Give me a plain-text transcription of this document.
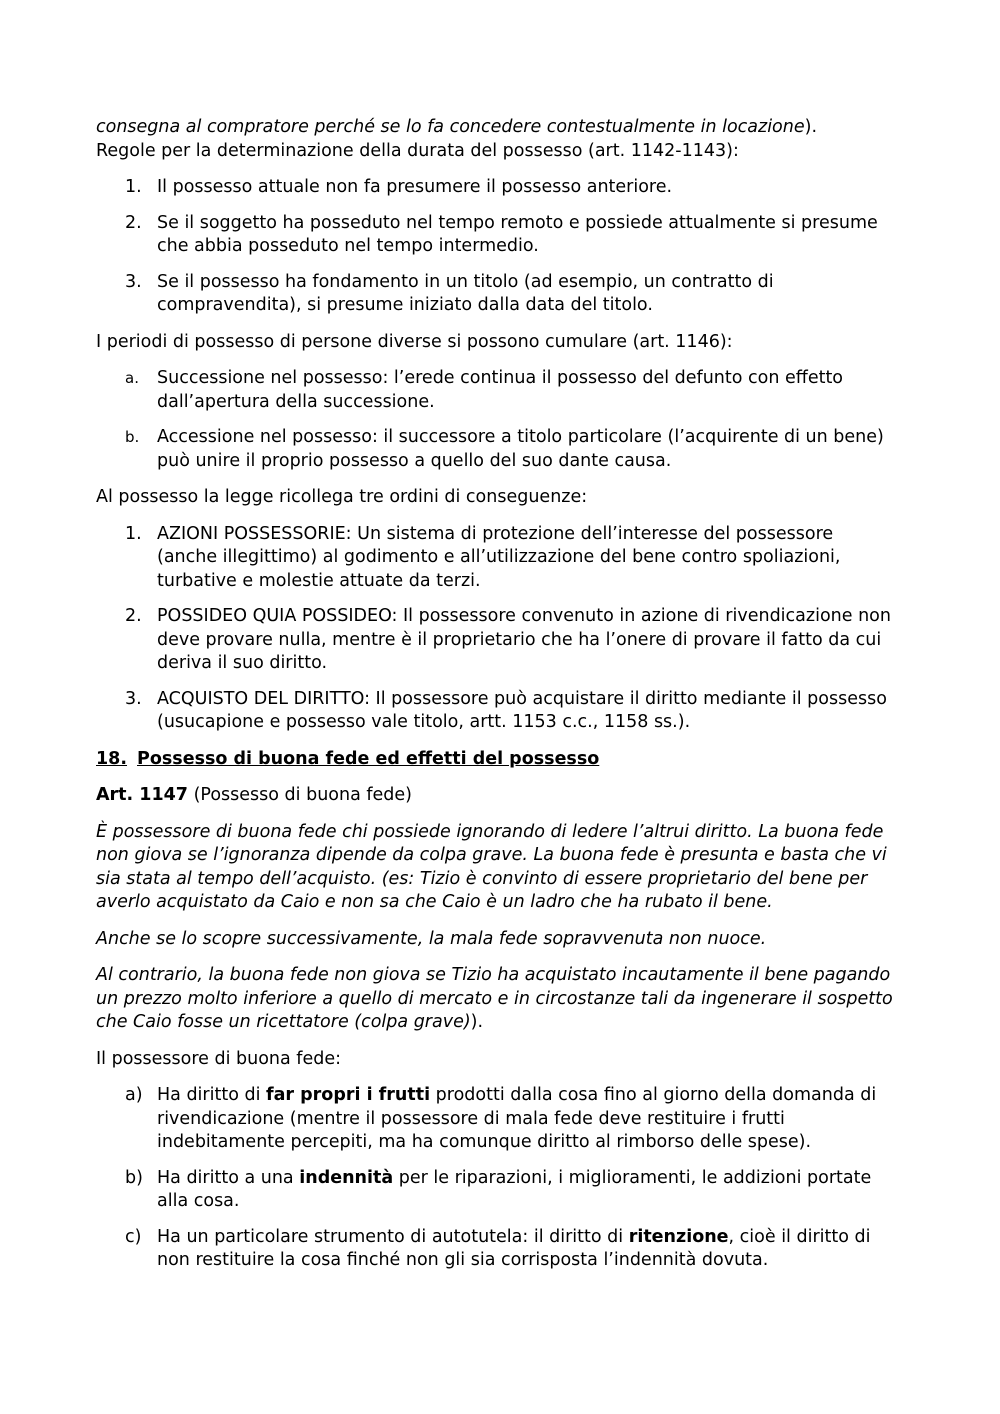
consegna al compratore perché se lo fa concedere contestualmente in locazione).

Regole per la determinazione della durata del possesso (art. 1142-1143):

1. Il possesso attuale non fa presumere il possesso anteriore.
2. Se il soggetto ha posseduto nel tempo remoto e possiede attualmente si presume che abbia posseduto nel tempo intermedio.
3. Se il possesso ha fondamento in un titolo (ad esempio, un contratto di compravendita), si presume iniziato dalla data del titolo.

I periodi di possesso di persone diverse si possono cumulare (art. 1146):

a. Successione nel possesso: l’erede continua il possesso del defunto con effetto dall’apertura della successione.
b. Accessione nel possesso: il successore a titolo particolare (l’acquirente di un bene) può unire il proprio possesso a quello del suo dante causa.

Al possesso la legge ricollega tre ordini di conseguenze:

1. AZIONI POSSESSORIE: Un sistema di protezione dell’interesse del possessore (anche illegittimo) al godimento e all’utilizzazione del bene contro spoliazioni, turbative e molestie attuate da terzi.
2. POSSIDEO QUIA POSSIDEO: Il possessore convenuto in azione di rivendicazione non deve provare nulla, mentre è il proprietario che ha l’onere di provare il fatto da cui deriva il suo diritto.
3. ACQUISTO DEL DIRITTO: Il possessore può acquistare il diritto mediante il possesso (usucapione e possesso vale titolo, artt. 1153 c.c., 1158 ss.).

18. Possesso di buona fede ed effetti del possesso

Art. 1147 (Possesso di buona fede)

È possessore di buona fede chi possiede ignorando di ledere l’altrui diritto. La buona fede non giova se l’ignoranza dipende da colpa grave. La buona fede è presunta e basta che vi sia stata al tempo dell’acquisto. (es: Tizio è convinto di essere proprietario del bene per averlo acquistato da Caio e non sa che Caio è un ladro che ha rubato il bene.

Anche se lo scopre successivamente, la mala fede sopravvenuta non nuoce.

Al contrario, la buona fede non giova se Tizio ha acquistato incautamente il bene pagando un prezzo molto inferiore a quello di mercato e in circostanze tali da ingenerare il sospetto che Caio fosse un ricettatore (colpa grave)).

Il possessore di buona fede:

a) Ha diritto di far propri i frutti prodotti dalla cosa fino al giorno della domanda di rivendicazione (mentre il possessore di mala fede deve restituire i frutti indebitamente percepiti, ma ha comunque diritto al rimborso delle spese).
b) Ha diritto a una indennità per le riparazioni, i miglioramenti, le addizioni portate alla cosa.
c) Ha un particolare strumento di autotutela: il diritto di ritenzione, cioè il diritto di non restituire la cosa finché non gli sia corrisposta l’indennità dovuta.
